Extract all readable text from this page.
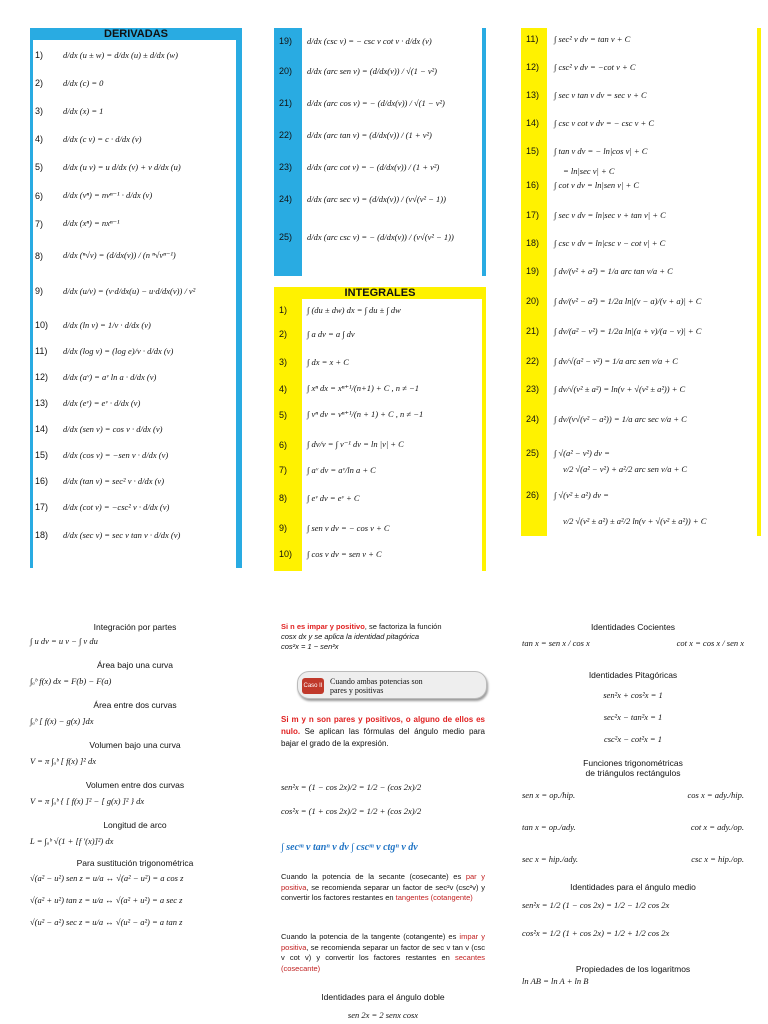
DERIVADAS
1)	d/dx (u ± w) = d/dx (u) ± d/dx (w)
2)	d/dx (c) = 0
3)	d/dx (x) = 1
4)	d/dx (c v) = c · d/dx (v)
5)	d/dx (u v) = u d/dx (v) + v d/dx (u)
6)	d/dx (vⁿ) = nvⁿ⁻¹ · d/dx (v)
7)	d/dx (xⁿ) = nxⁿ⁻¹
8)	d/dx (ⁿ√v) = (d/dx(v)) / (n ⁿ√vⁿ⁻¹)
9)	d/dx (u/v) = (v·d/dx(u) − u·d/dx(v)) / v²
10)	d/dx (ln v) = 1/v · d/dx (v)
11)	d/dx (log v) = (log e)/v · d/dx (v)
12)	d/dx (aᵛ) = aᵛ ln a · d/dx (v)
13)	d/dx (eᵛ) = eᵛ · d/dx (v)
14)	d/dx (sen v) = cos v · d/dx (v)
15)	d/dx (cos v) = −sen v · d/dx (v)
16)	d/dx (tan v) = sec² v · d/dx (v)
17)	d/dx (cot v) = −csc² v · d/dx (v)
18)	d/dx (sec v) = sec v tan v · d/dx (v)
19)	d/dx (csc v) = − csc v cot v · d/dx (v)
20)	d/dx (arc sen v) = (d/dx(v)) / √(1 − v²)
21)	d/dx (arc cos v) = − (d/dx(v)) / √(1 − v²)
22)	d/dx (arc tan v) = (d/dx(v)) / (1 + v²)
23)	d/dx (arc cot v) = − (d/dx(v)) / (1 + v²)
24)	d/dx (arc sec v) = (d/dx(v)) / (v√(v² − 1))
25)	d/dx (arc csc v) = − (d/dx(v)) / (v√(v² − 1))
INTEGRALES
1)	∫ (du ± dw) dx = ∫ du ± ∫ dw
2)	∫ a dv = a ∫ dv
3)	∫ dx = x + C
4)	∫ xⁿ dx = xⁿ⁺¹/(n+1) + C , n ≠ −1
5)	∫ vⁿ dv = vⁿ⁺¹/(n + 1) + C , n ≠ −1
6)	∫ dv/v = ∫ v⁻¹ dv = ln |v| + C
7)	∫ aᵛ dv = aᵛ/ln a + C
8)	∫ eᵛ dv = eᵛ + C
9)	∫ sen v dv = − cos v + C
10)	∫ cos v dv = sen v + C
11)	∫ sec² v dv = tan v + C
12)	∫ csc² v dv = −cot v + C
13)	∫ sec v tan v dv = sec v + C
14)	∫ csc v cot v dv = − csc v + C
15)	∫ tan v dv = − ln|cos v| + C
= ln|sec v| + C
16)	∫ cot v dv = ln|sen v| + C
17)	∫ sec v dv = ln|sec v + tan v| + C
18)	∫ csc v dv = ln|csc v − cot v| + C
19)	∫ dv/(v² + a²) = 1/a arc tan v/a + C
20)	∫ dv/(v² − a²) = 1/2a ln|(v − a)/(v + a)| + C
21)	∫ dv/(a² − v²) = 1/2a ln|(a + v)/(a − v)| + C
22)	∫ dv/√(a² − v²) = 1/a arc sen v/a + C
23)	∫ dv/√(v² ± a²) = ln(v + √(v² ± a²)) + C
24)	∫ dv/(v√(v² − a²)) = 1/a arc sec v/a + C
25)	∫ √(a² − v²) dv =
v/2 √(a² − v²) + a²/2 arc sen v/a + C
26)	∫ √(v² ± a²) dv =
v/2 √(v² ± a²) ± a²/2 ln(v + √(v² ± a²)) + C
Integración por partes
∫ u dv = u v − ∫ v du
Área bajo una curva
∫ₐᵇ f(x) dx = F(b) − F(a)
Área entre dos curvas
∫ₐᵇ [ f(x) − g(x) ]dx
Volumen bajo una curva
V = π ∫ₐᵇ [ f(x) ]² dx
Volumen entre dos curvas
V = π ∫ₐᵇ { [ f(x) ]² − [ g(x) ]² } dx
Longitud de arco
L = ∫ₐᵇ √(1 + [f '(x)]²) dx
Para sustitución trigonométrica
√(a² − u²) sen z = u/a ↔ √(a² − u²) = a cos z
√(a² + u²) tan z = u/a ↔ √(a² + u²) = a sec z
√(u² − a²) sec z = u/a ↔ √(u² − a²) = a tan z
Si n es impar y positivo, se factoriza la función
cosx dx y se aplica la identidad pitagórica
cos²x = 1 − sen²x
Caso II Cuando ambas potencias son
pares y positivas
Si m y n son pares y positivos, o alguno de ellos es nulo. Se aplican las fórmulas del ángulo medio para bajar el grado de la expresión.
sen²x = (1 − cos 2x)/2 = 1/2 − (cos 2x)/2
cos²x = (1 + cos 2x)/2 = 1/2 + (cos 2x)/2
∫ secᵐ v tanⁿ v dv ∫ cscᵐ v ctgⁿ v dv
Cuando la potencia de la secante (cosecante) es par y positiva, se recomienda separar un factor de sec²v (csc²v) y convertir los factores restantes en tangentes (cotangente)
Cuando la potencia de la tangente (cotangente) es impar y positiva, se recomienda separar un factor de sec v tan v (csc v cot v) y convertir los factores restantes en secantes (cosecante)
Identidades para el ángulo doble
sen 2x = 2 senx cosx
Identidades Cocientes
tan x = sen x / cos x	cot x = cos x / sen x
Identidades Pitagóricas
sen²x + cos²x = 1
sec²x − tan²x = 1
csc²x − cot²x = 1
Funciones trigonométricas
de triángulos rectángulos
sen x = op./hip.	cos x = ady./hip.
tan x = op./ady.	cot x = ady./op.
sec x = hip./ady.	csc x = hip./op.
Identidades para el ángulo medio
sen²x = 1/2 (1 − cos 2x) = 1/2 − 1/2 cos 2x
cos²x = 1/2 (1 + cos 2x) = 1/2 + 1/2 cos 2x
Propiedades de los logaritmos
ln AB = ln A + ln B
